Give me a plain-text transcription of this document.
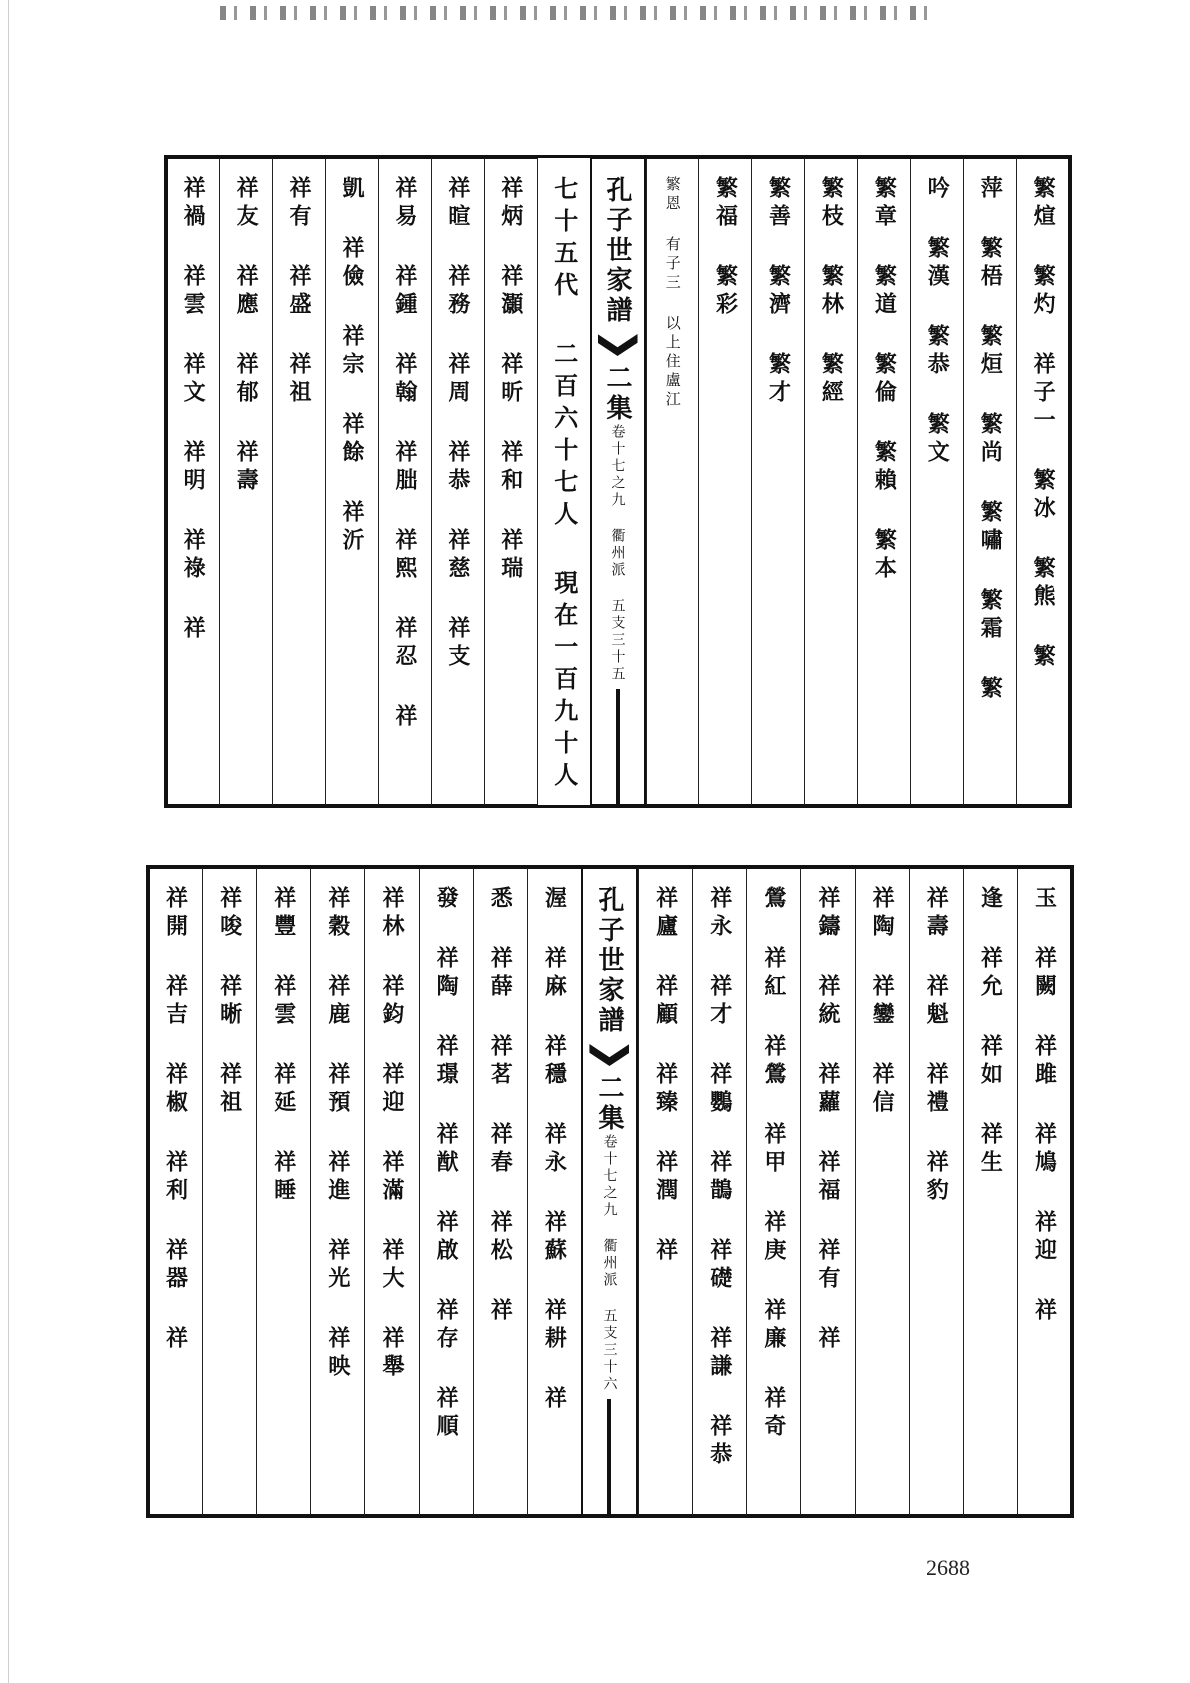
繁煊 繁灼 祥子一 繁冰 繁熊 繁
萍 繁梧 繁烜 繁尚 繁嘯 繁霜 繁
吟 繁漢 繁恭 繁文
繁章 繁道 繁倫 繁賴 繁本
繁枝 繁林 繁經
繁善 繁濟 繁才
繁福 繁彩
繁恩 有子三 以上住盧江
孔子世家譜
二集
卷十七之九 衢州派 五支
三十五
七十五代 二百六十七人 現在一百九十人
祥炳 祥灝 祥昕 祥和 祥瑞
祥暄 祥務 祥周 祥恭 祥慈 祥支
祥易 祥鍾 祥翰 祥朏 祥熙 祥忍 祥
凱 祥儉 祥宗 祥餘 祥沂
祥有 祥盛 祥祖
祥友 祥應 祥郁 祥壽
祥禍 祥雲 祥文 祥明 祥祿 祥
玉 祥闕 祥雎 祥鳩 祥迎 祥
逢 祥允 祥如 祥生
祥壽 祥魁 祥禮 祥豹
祥陶 祥鑾 祥信
祥鑄 祥統 祥蘿 祥福 祥有 祥
鶯 祥紅 祥鶯 祥甲 祥庚 祥廉 祥奇
祥永 祥才 祥鸚 祥鵲 祥礎 祥謙 祥恭
祥廬 祥顧 祥臻 祥潤 祥
孔子世家譜
二集
卷十七之九 衢州派 五支
三十六
渥 祥麻 祥穩 祥永 祥蘇 祥耕 祥
悉 祥薛 祥茗 祥春 祥松 祥
發 祥陶 祥璟 祥猷 祥啟 祥存 祥順
祥林 祥鈞 祥迎 祥滿 祥大 祥舉
祥穀 祥鹿 祥預 祥進 祥光 祥映
祥豐 祥雲 祥延 祥睡
祥唆 祥晰 祥祖
祥開 祥吉 祥椒 祥利 祥器 祥
2688
